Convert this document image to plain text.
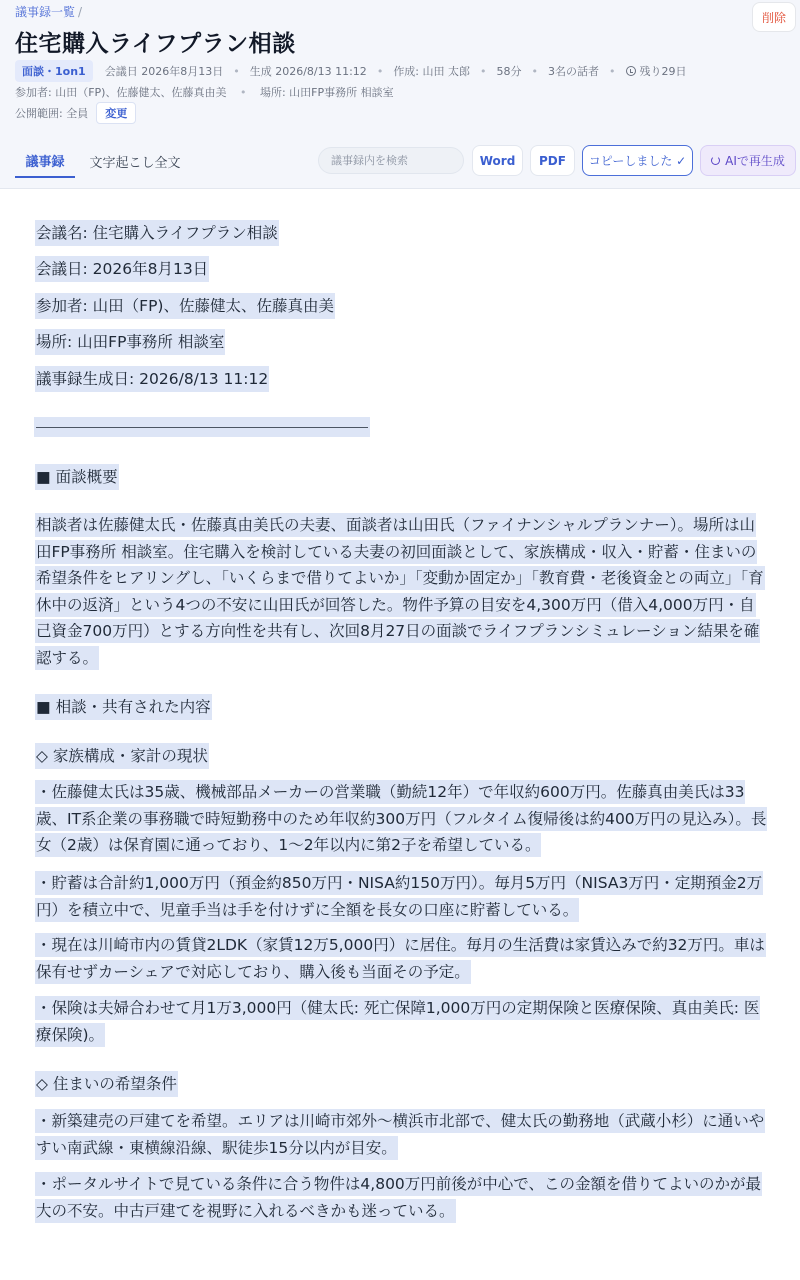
議事録一覧 /	削除
住宅購入ライフプラン相談
面談・1on1	会議日 2026年8月13日 • 生成 2026/8/13 11:12 • 作成: 山田 太郎 • 58分 • 3名の話者 • 残り29日
参加者: 山田（FP)、佐藤健太、佐藤真由美 • 場所: 山田FP事務所 相談室
公開範囲: 全員	変更
議事録	文字起こし全文
議事録内を検索	Word	PDF	コピーしました ✓	AIで再生成
会議名: 住宅購入ライフプラン相談
会議日: 2026年8月13日
参加者: 山田（FP)、佐藤健太、佐藤真由美
場所: 山田FP事務所 相談室
議事録生成日: 2026/8/13 11:12
■ 面談概要
相談者は佐藤健太氏・佐藤真由美氏の夫妻、面談者は山田氏（ファイナンシャルプランナー）。場所は山田FP事務所 相談室。住宅購入を検討している夫妻の初回面談として、家族構成・収入・貯蓄・住まいの希望条件をヒアリングし、「いくらまで借りてよいか」「変動か固定か」「教育費・老後資金との両立」「育休中の返済」という4つの不安に山田氏が回答した。物件予算の目安を4,300万円（借入4,000万円・自己資金700万円）とする方向性を共有し、次回8月27日の面談でライフプランシミュレーション結果を確認する。
■ 相談・共有された内容
◇ 家族構成・家計の現状
・佐藤健太氏は35歳、機械部品メーカーの営業職（勤続12年）で年収約600万円。佐藤真由美氏は33歳、IT系企業の事務職で時短勤務中のため年収約300万円（フルタイム復帰後は約400万円の見込み）。長女（2歳）は保育園に通っており、1〜2年以内に第2子を希望している。
・貯蓄は合計約1,000万円（預金約850万円・NISA約150万円）。毎月5万円（NISA3万円・定期預金2万円）を積立中で、児童手当は手を付けずに全額を長女の口座に貯蓄している。
・現在は川崎市内の賃貸2LDK（家賃12万5,000円）に居住。毎月の生活費は家賃込みで約32万円。車は保有せずカーシェアで対応しており、購入後も当面その予定。
・保険は夫婦合わせて月1万3,000円（健太氏: 死亡保障1,000万円の定期保険と医療保険、真由美氏: 医療保険)。
◇ 住まいの希望条件
・新築建売の戸建てを希望。エリアは川崎市郊外〜横浜市北部で、健太氏の勤務地（武蔵小杉）に通いやすい南武線・東横線沿線、駅徒歩15分以内が目安。
・ポータルサイトで見ている条件に合う物件は4,800万円前後が中心で、この金額を借りてよいのかが最大の不安。中古戸建てを視野に入れるべきかも迷っている。
